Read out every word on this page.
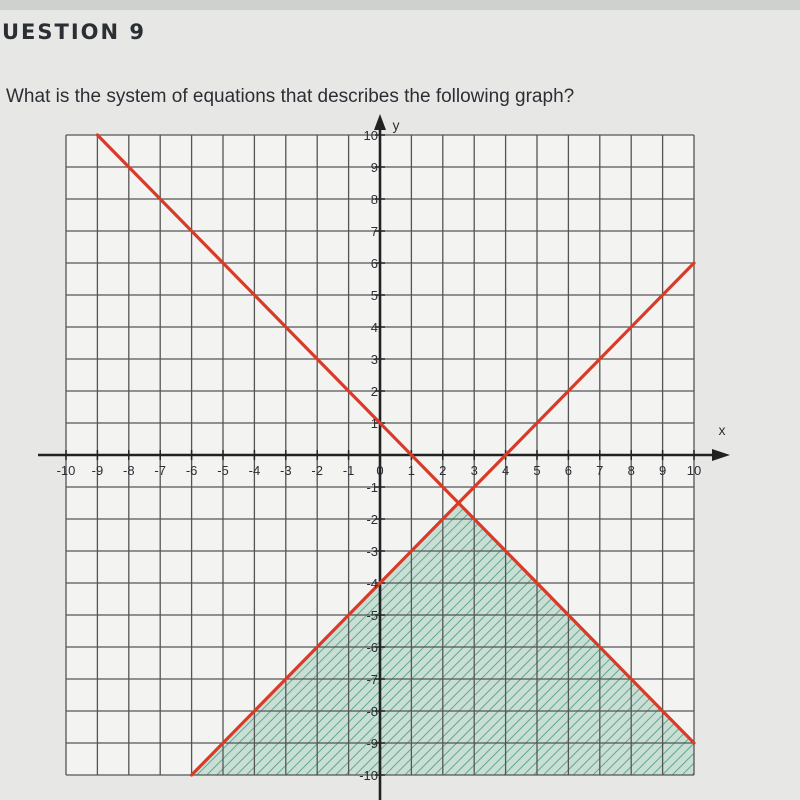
UESTION 9
What is the system of equations that describes the following graph?
-10 -9 -8 -7 -6 -5 -4 -3 -2 -1 0 1 2 3 4 5 6 7 8 9 10
-10
-9
-8
-7
-6
-5
-4
-3
-2
-1
1
2
3
4
5
6
7
8
9
10
x
y
